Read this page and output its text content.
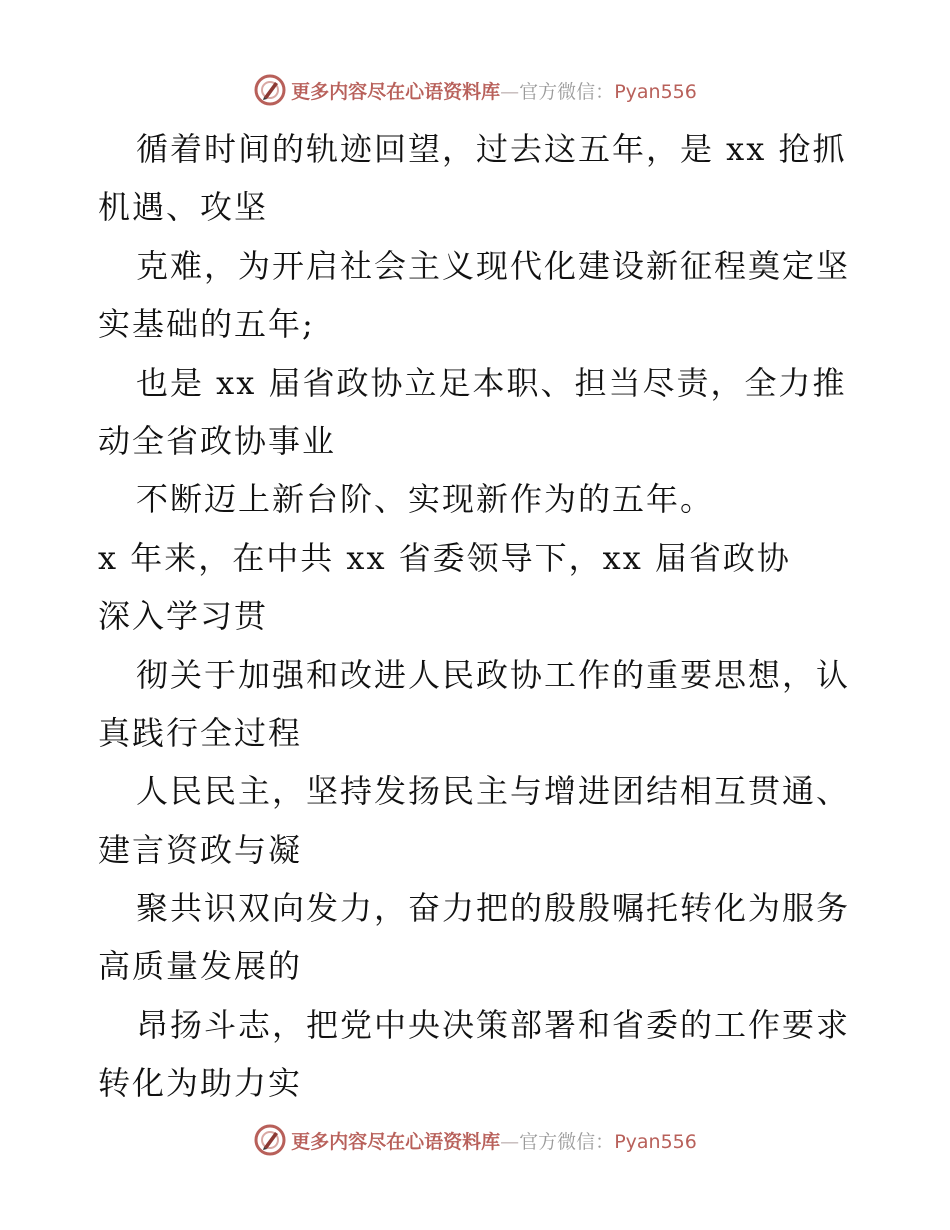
更多内容尽在心语资料库—官方微信：Pyan556
循着时间的轨迹回望，过去这五年，是 xx 抢抓
机遇、攻坚
克难，为开启社会主义现代化建设新征程奠定坚
实基础的五年;
也是 xx 届省政协立足本职、担当尽责，全力推
动全省政协事业
不断迈上新台阶、实现新作为的五年。
x 年来，在中共 xx 省委领导下，xx 届省政协
深入学习贯
彻关于加强和改进人民政协工作的重要思想，认
真践行全过程
人民民主，坚持发扬民主与增进团结相互贯通、
建言资政与凝
聚共识双向发力，奋力把的殷殷嘱托转化为服务
高质量发展的
昂扬斗志，把党中央决策部署和省委的工作要求
转化为助力实
更多内容尽在心语资料库—官方微信：Pyan556
